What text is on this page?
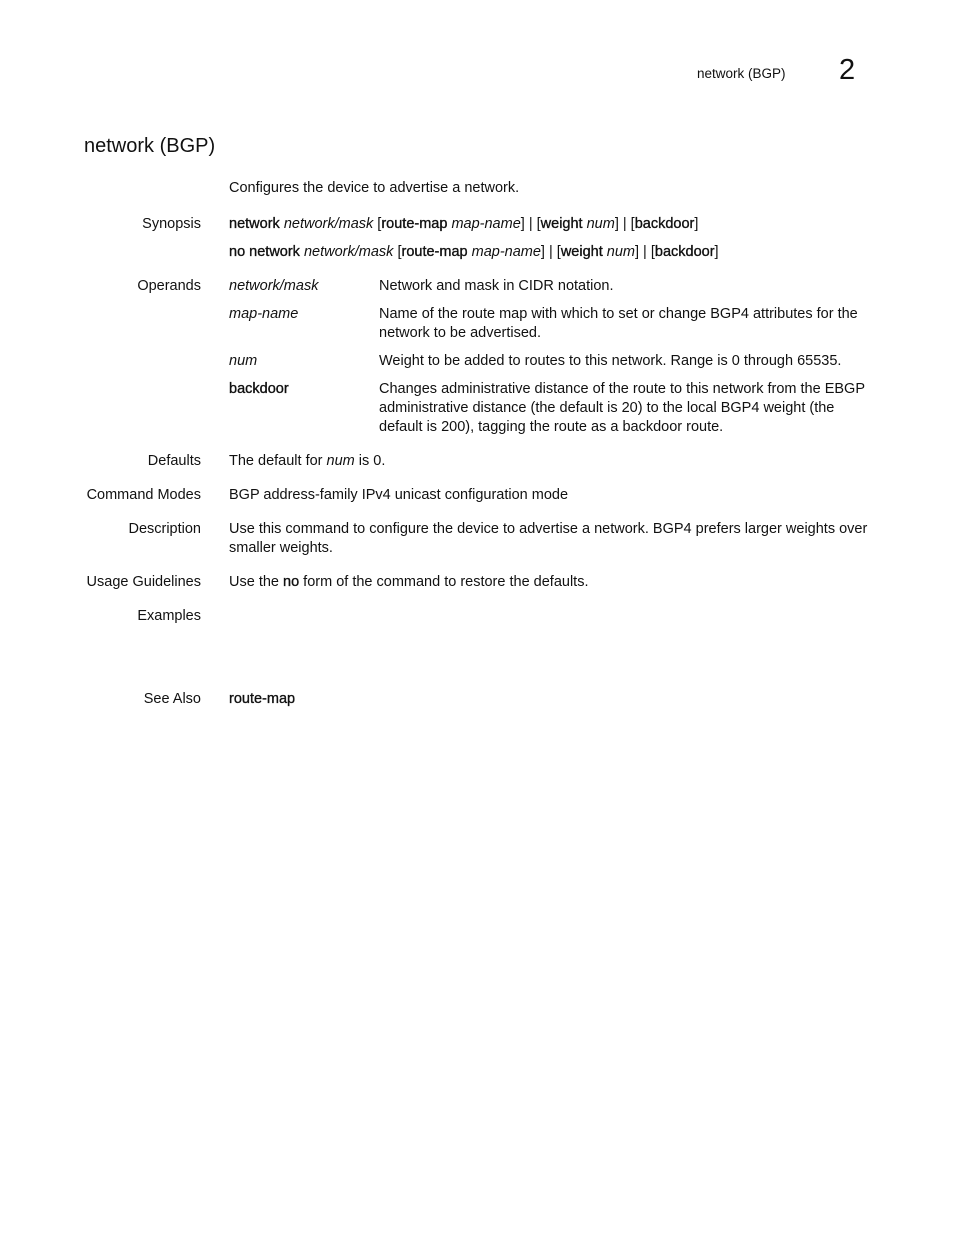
network (BGP) 2
network (BGP)
Configures the device to advertise a network.
Synopsis network network/mask [route-map map-name] | [weight num] | [backdoor]
no network network/mask [route-map map-name] | [weight num] | [backdoor]
Operands network/mask	Network and mask in CIDR notation.
map-name	Name of the route map with which to set or change BGP4 attributes for the network to be advertised.
num	Weight to be added to routes to this network. Range is 0 through 65535.
backdoor	Changes administrative distance of the route to this network from the EBGP administrative distance (the default is 20) to the local BGP4 weight (the default is 200), tagging the route as a backdoor route.
Defaults The default for num is 0.
Command Modes BGP address-family IPv4 unicast configuration mode
Description Use this command to configure the device to advertise a network. BGP4 prefers larger weights over smaller weights.
Usage Guidelines Use the no form of the command to restore the defaults.
Examples
See Also route-map
